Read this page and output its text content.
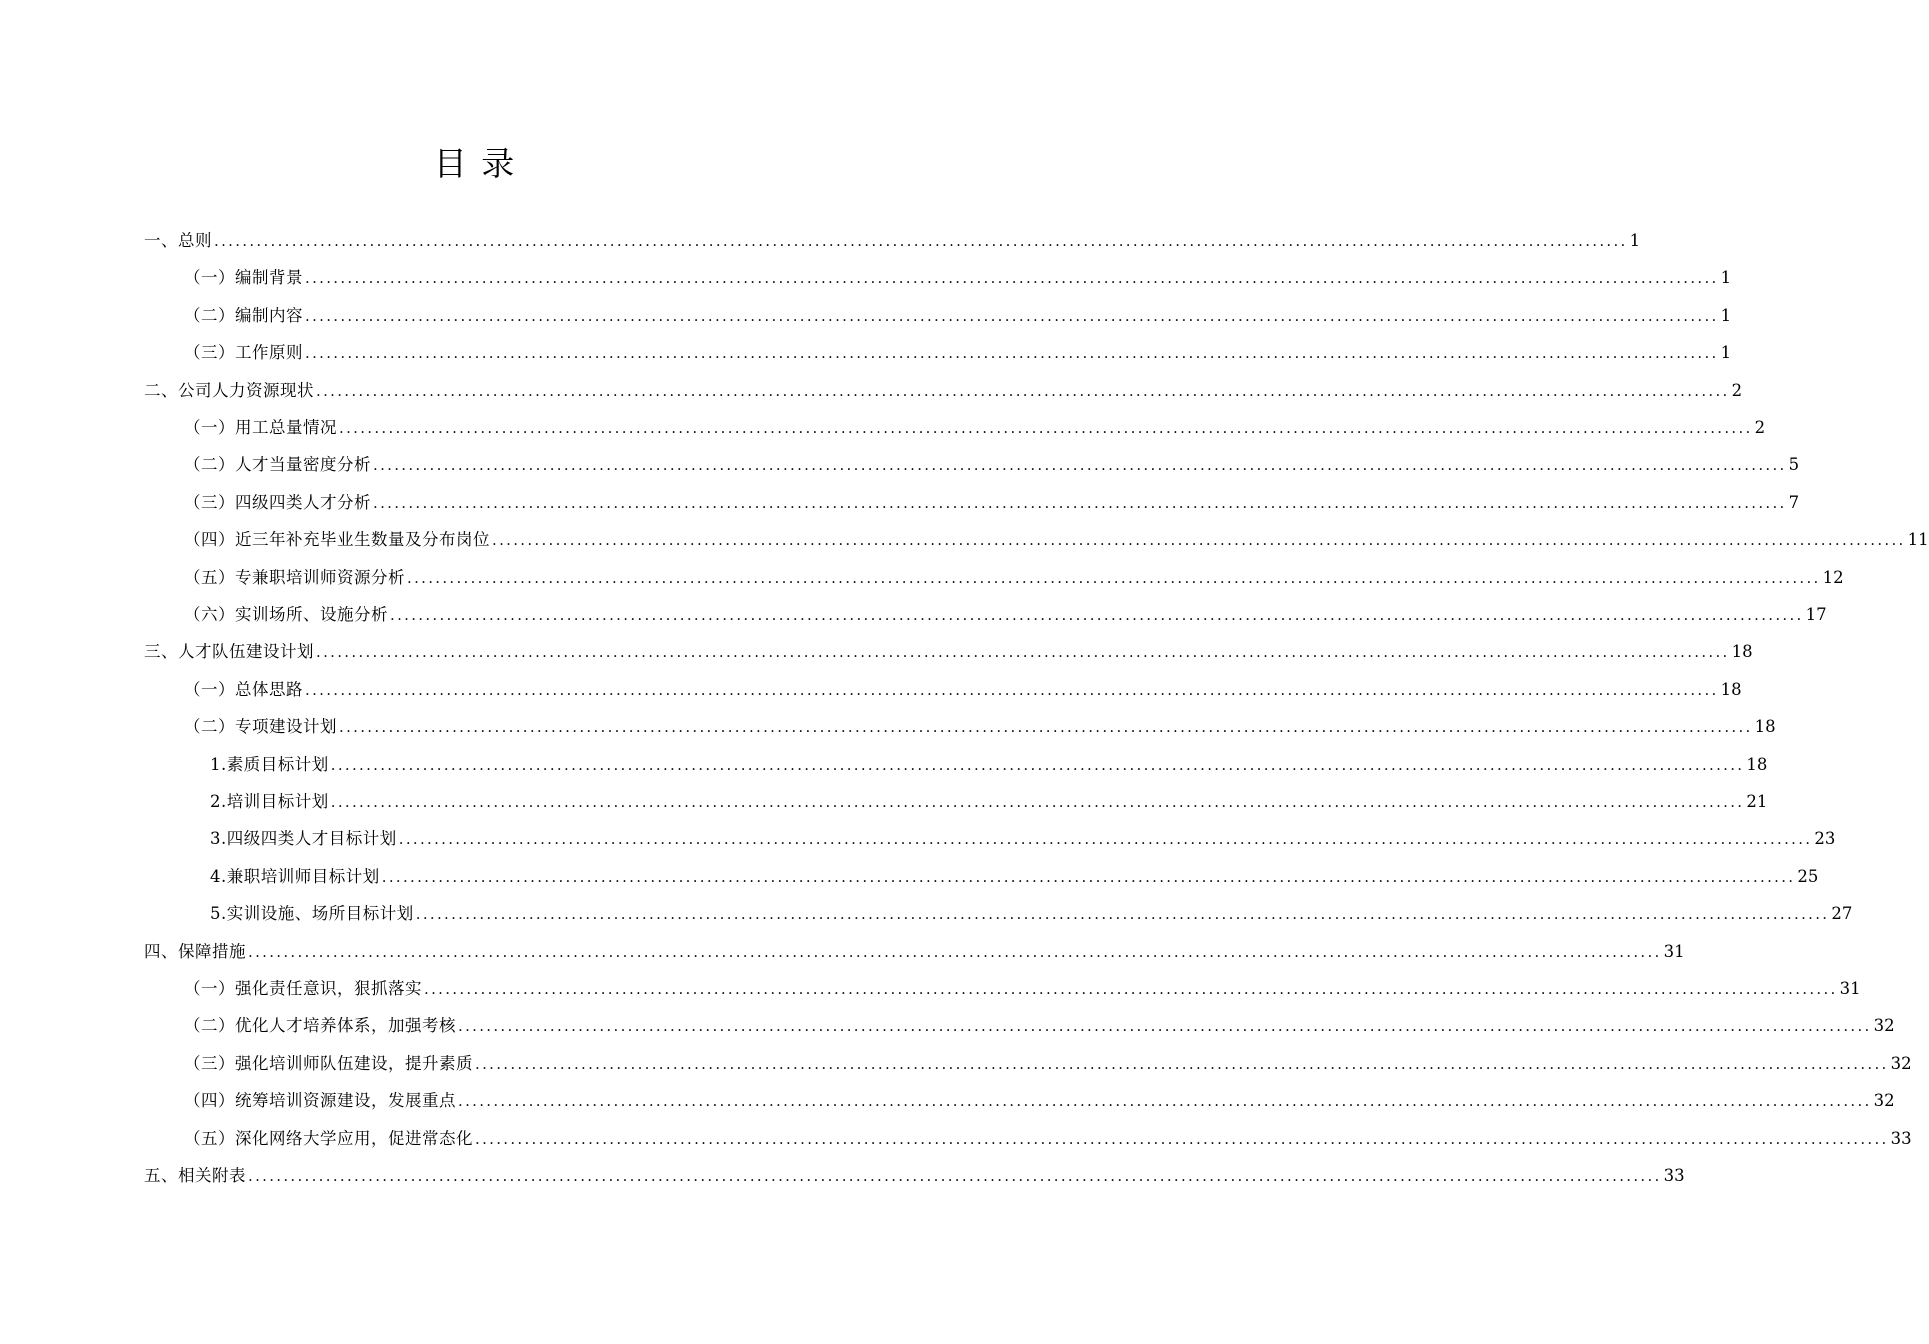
目 录
一、总则 ........................................................................................................................................................................................................ 1
（一）编制背景 ........................................................................................................................................................................................................ 1
（二）编制内容 ........................................................................................................................................................................................................ 1
（三）工作原则 ........................................................................................................................................................................................................ 1
二、公司人力资源现状 ........................................................................................................................................................................................................ 2
（一）用工总量情况 ........................................................................................................................................................................................................ 2
（二）人才当量密度分析 ........................................................................................................................................................................................................ 5
（三）四级四类人才分析 ........................................................................................................................................................................................................ 7
（四）近三年补充毕业生数量及分布岗位 ........................................................................................................................................................................................................ 11
（五）专兼职培训师资源分析 ........................................................................................................................................................................................................ 12
（六）实训场所、设施分析 ........................................................................................................................................................................................................ 17
三、人才队伍建设计划 ........................................................................................................................................................................................................ 18
（一）总体思路 ........................................................................................................................................................................................................ 18
（二）专项建设计划 ........................................................................................................................................................................................................ 18
1.素质目标计划 ........................................................................................................................................................................................................ 18
2.培训目标计划 ........................................................................................................................................................................................................ 21
3.四级四类人才目标计划 ........................................................................................................................................................................................................ 23
4.兼职培训师目标计划 ........................................................................................................................................................................................................ 25
5.实训设施、场所目标计划 ........................................................................................................................................................................................................ 27
四、保障措施 ........................................................................................................................................................................................................ 31
（一）强化责任意识，狠抓落实 ........................................................................................................................................................................................................ 31
（二）优化人才培养体系，加强考核 ........................................................................................................................................................................................................ 32
（三）强化培训师队伍建设，提升素质 ........................................................................................................................................................................................................ 32
（四）统筹培训资源建设，发展重点 ........................................................................................................................................................................................................ 32
（五）深化网络大学应用，促进常态化 ........................................................................................................................................................................................................ 33
五、相关附表 ........................................................................................................................................................................................................ 33
